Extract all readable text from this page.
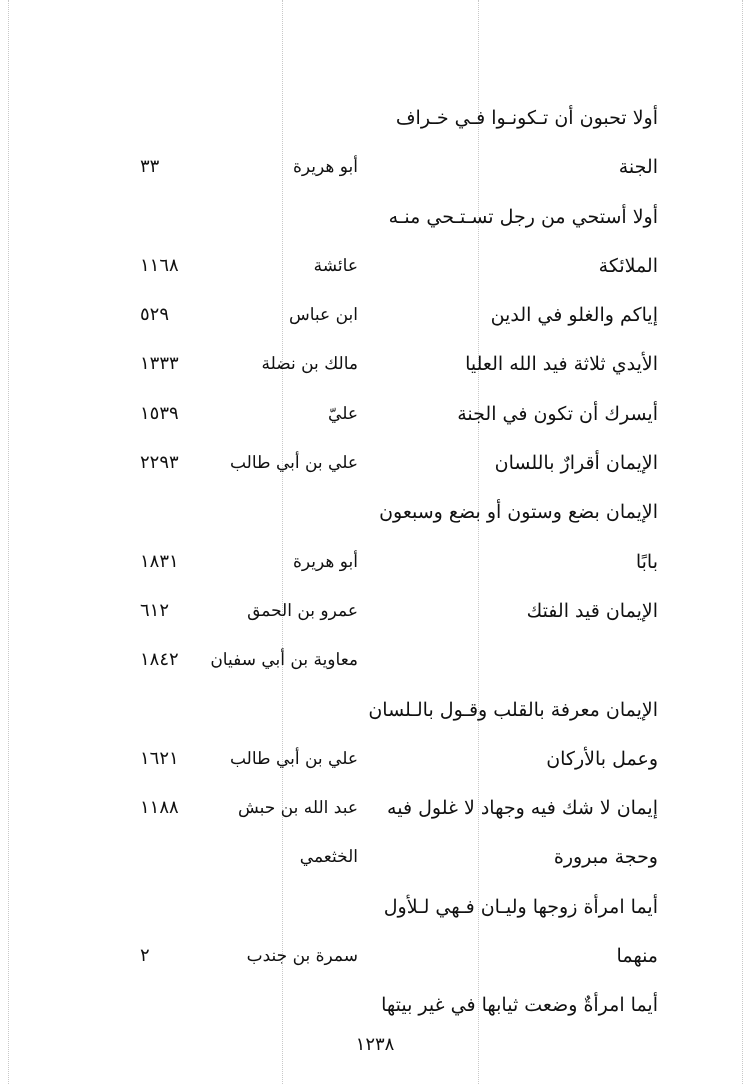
أولا تحبون أن تـكونـوا فـي خـراف
الجنة
أبو هريرة
٣٣
أولا أستحي من رجل تسـتـحي منـه
الملائكة
عائشة
١١٦٨
إياكم والغلو في الدين
ابن عباس
٥٢٩
الأيدي ثلاثة فيد الله العليا
مالك بن نضلة
١٣٣٣
أيسرك أن تكون في الجنة
عليّ
١٥٣٩
الإيمان أقرارٌ باللسان
علي بن أبي طالب
٢٢٩٣
الإيمان بضع وستون أو بضع وسبعون
بابًا
أبو هريرة
١٨٣١
الإيمان قيد الفتك
عمرو بن الحمق
٦١٢
معاوية بن أبي سفيان
١٨٤٢
الإيمان معرفة بالقلب وقـول بالـلسان
وعمل بالأركان
علي بن أبي طالب
١٦٢١
إيمان لا شك فيه وجهاد لا غلول فيه
عبد الله بن حبش
١١٨٨
وحجة مبرورة
الخثعمي
أيما امرأة زوجها وليـان فـهي لـلأول
منهما
سمرة بن جندب
٢
أيما امرأةٌ وضعت ثيابها في غير بيتها
١٢٣٨
